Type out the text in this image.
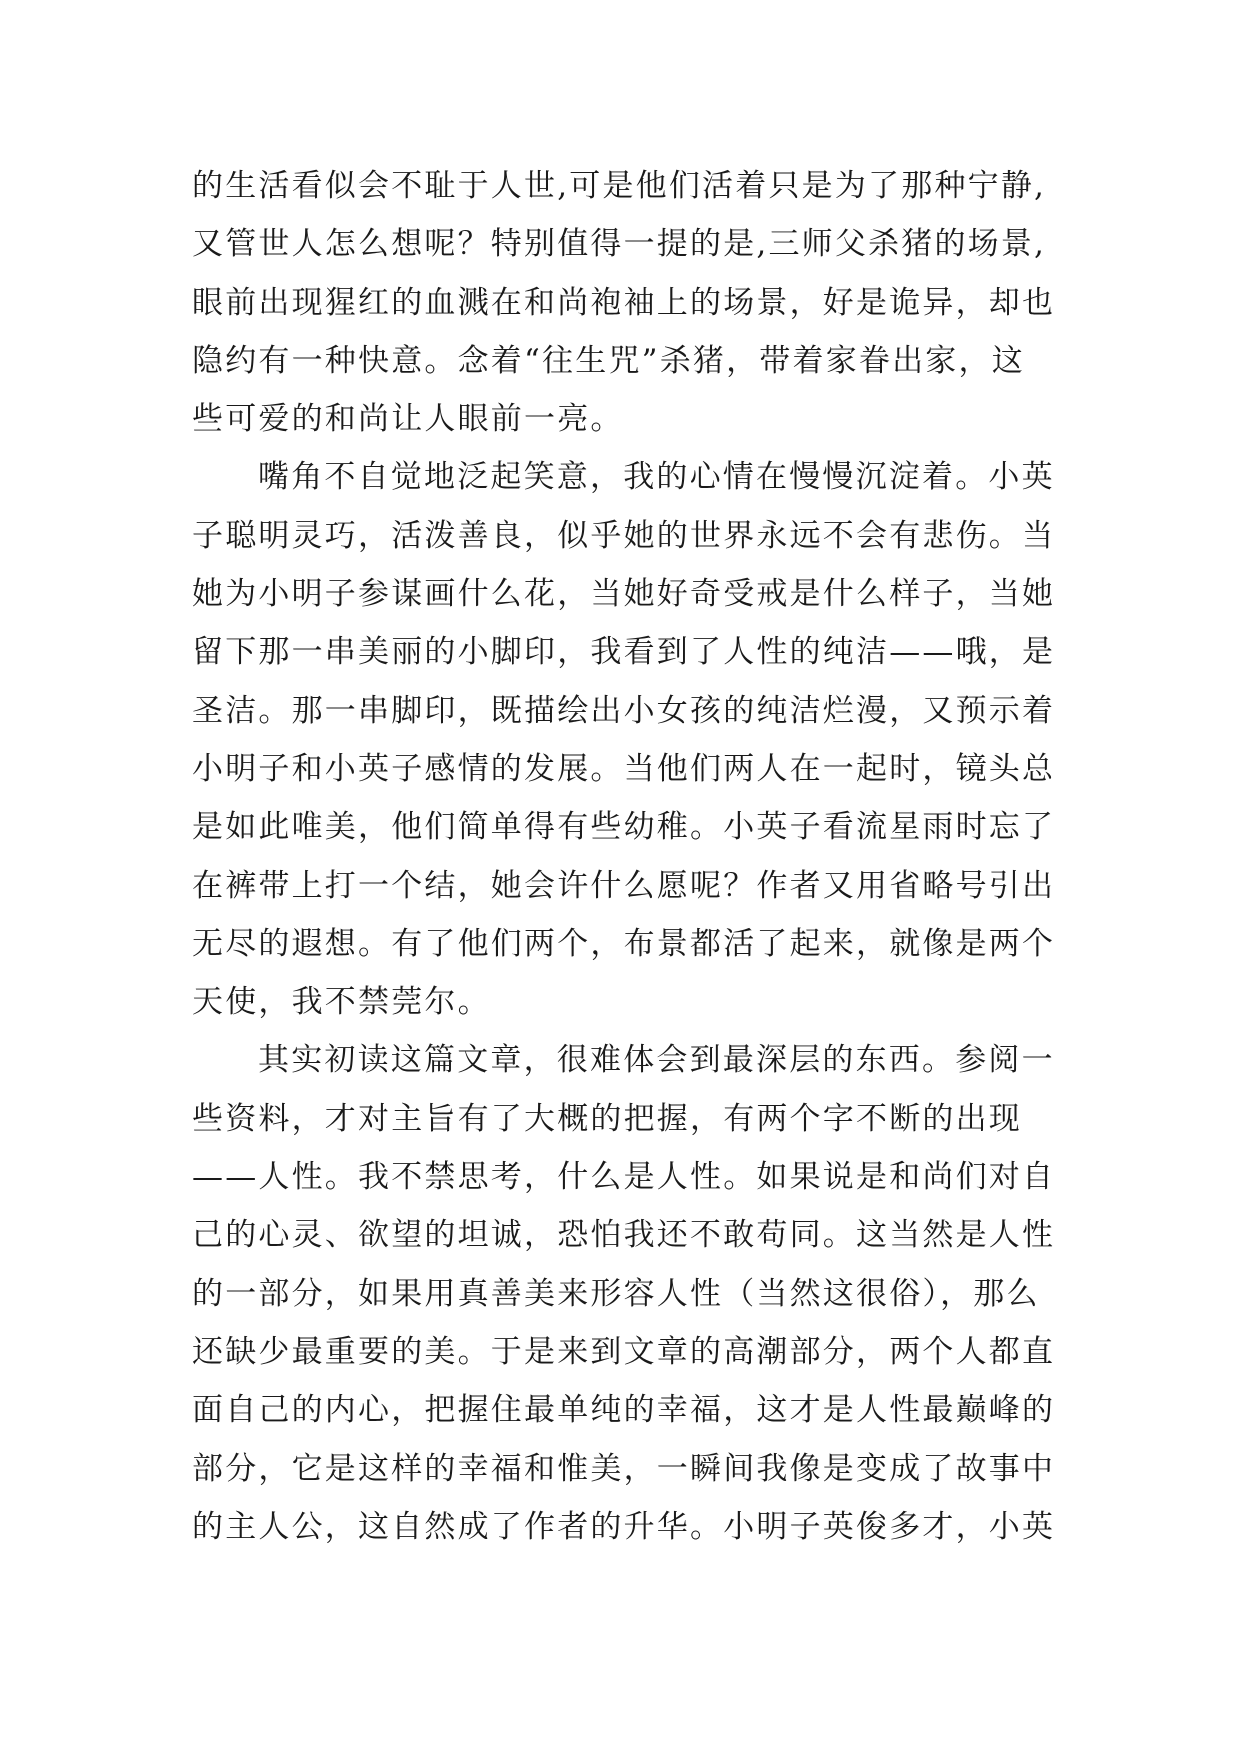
的生活看似会不耻于人世,可是他们活着只是为了那种宁静,
又管世人怎么想呢？特别值得一提的是,三师父杀猪的场景,
眼前出现猩红的血溅在和尚袍袖上的场景，好是诡异，却也
隐约有一种快意。念着“往生咒”杀猪，带着家眷出家，这
些可爱的和尚让人眼前一亮。
嘴角不自觉地泛起笑意，我的心情在慢慢沉淀着。小英
子聪明灵巧，活泼善良，似乎她的世界永远不会有悲伤。当
她为小明子参谋画什么花，当她好奇受戒是什么样子，当她
留下那一串美丽的小脚印，我看到了人性的纯洁——哦，是
圣洁。那一串脚印，既描绘出小女孩的纯洁烂漫，又预示着
小明子和小英子感情的发展。当他们两人在一起时，镜头总
是如此唯美，他们简单得有些幼稚。小英子看流星雨时忘了
在裤带上打一个结，她会许什么愿呢？作者又用省略号引出
无尽的遐想。有了他们两个，布景都活了起来，就像是两个
天使，我不禁莞尔。
其实初读这篇文章，很难体会到最深层的东西。参阅一
些资料，才对主旨有了大概的把握，有两个字不断的出现
——人性。我不禁思考，什么是人性。如果说是和尚们对自
己的心灵、欲望的坦诚，恐怕我还不敢苟同。这当然是人性
的一部分，如果用真善美来形容人性（当然这很俗），那么
还缺少最重要的美。于是来到文章的高潮部分，两个人都直
面自己的内心，把握住最单纯的幸福，这才是人性最巅峰的
部分，它是这样的幸福和惟美，一瞬间我像是变成了故事中
的主人公，这自然成了作者的升华。小明子英俊多才，小英
